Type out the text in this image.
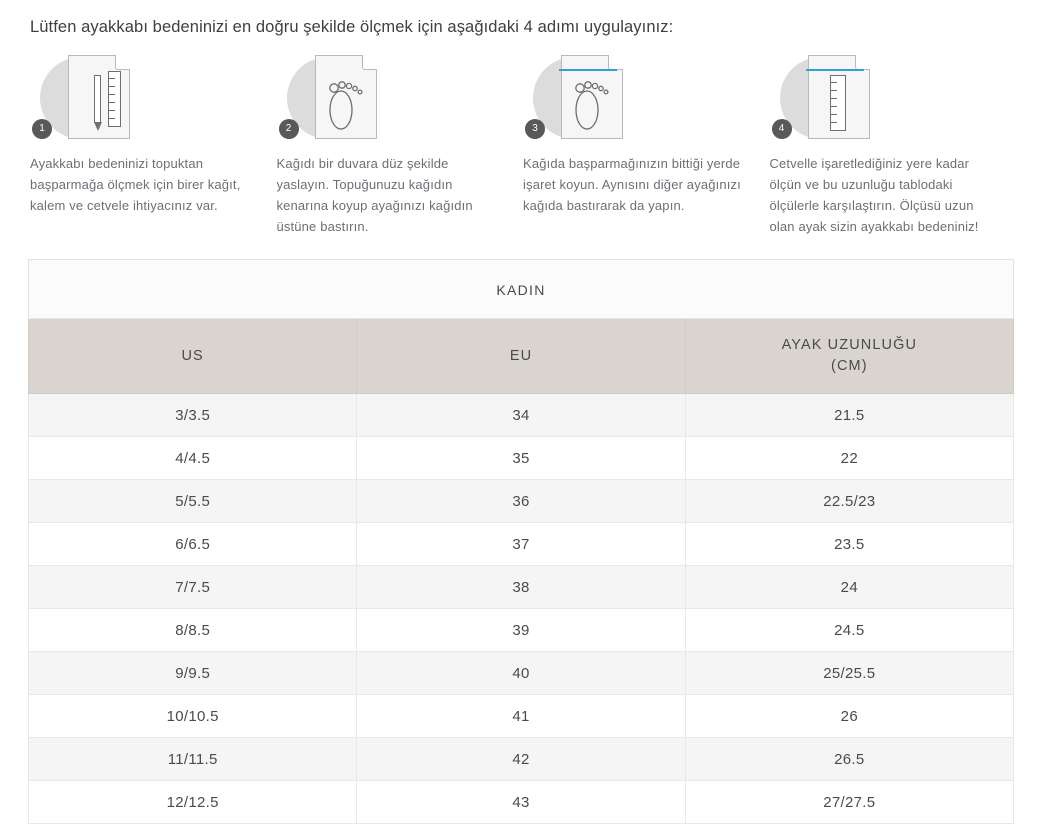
Lütfen ayakkabı bedeninizi en doğru şekilde ölçmek için aşağıdaki 4 adımı uygulayınız:

1
Ayakkabı bedeninizi topuktan başparmağa ölçmek için birer kağıt, kalem ve cetvele ihtiyacınız var.
2
Kağıdı bir duvara düz şekilde yaslayın. Topuğunuzu kağıdın kenarına koyup ayağınızı kağıdın üstüne bastırın.
3
Kağıda başparmağınızın bittiği yerde işaret koyun. Aynısını diğer ayağınızı kağıda bastırarak da yapın.
4
Cetvelle işaretlediğiniz yere kadar ölçün ve bu uzunluğu tablodaki ölçülerle karşılaştırın. Ölçüsü uzun olan ayak sizin ayakkabı bedeniniz!
KADIN		
US	EU	AYAK UZUNLUĞU
(CM)
3/3.5	34	21.5
4/4.5	35	22
5/5.5	36	22.5/23
6/6.5	37	23.5
7/7.5	38	24
8/8.5	39	24.5
9/9.5	40	25/25.5
10/10.5	41	26
11/11.5	42	26.5
12/12.5	43	27/27.5
